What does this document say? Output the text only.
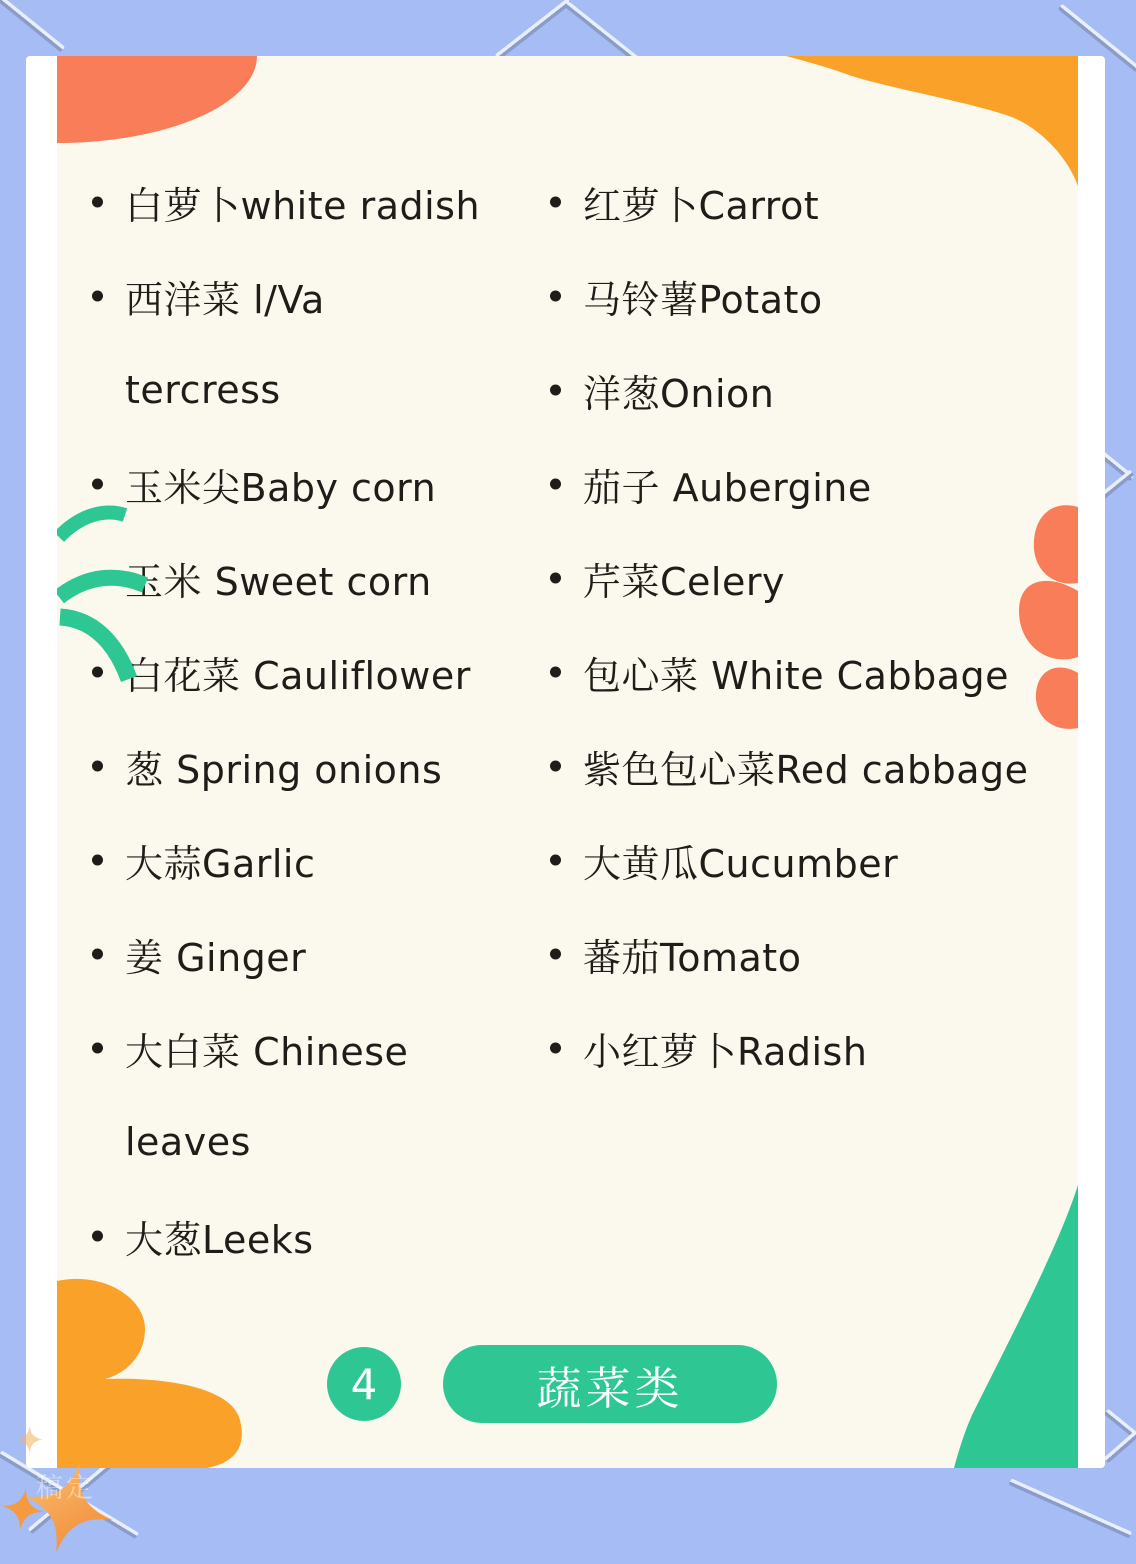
白萝卜white radish
西洋菜 l/Va
tercress
玉米尖Baby corn
玉米 Sweet corn
白花菜 Cauliflower
葱 Spring onions
大蒜Garlic
姜 Ginger
大白菜 Chinese
leaves
大葱Leeks
红萝卜Carrot
马铃薯Potato
洋葱Onion
茄子 Aubergine
芹菜Celery
包心菜 White Cabbage
紫色包心菜Red cabbage
大黄瓜Cucumber
蕃茄Tomato
小红萝卜Radish
4	蔬菜类
稿定
